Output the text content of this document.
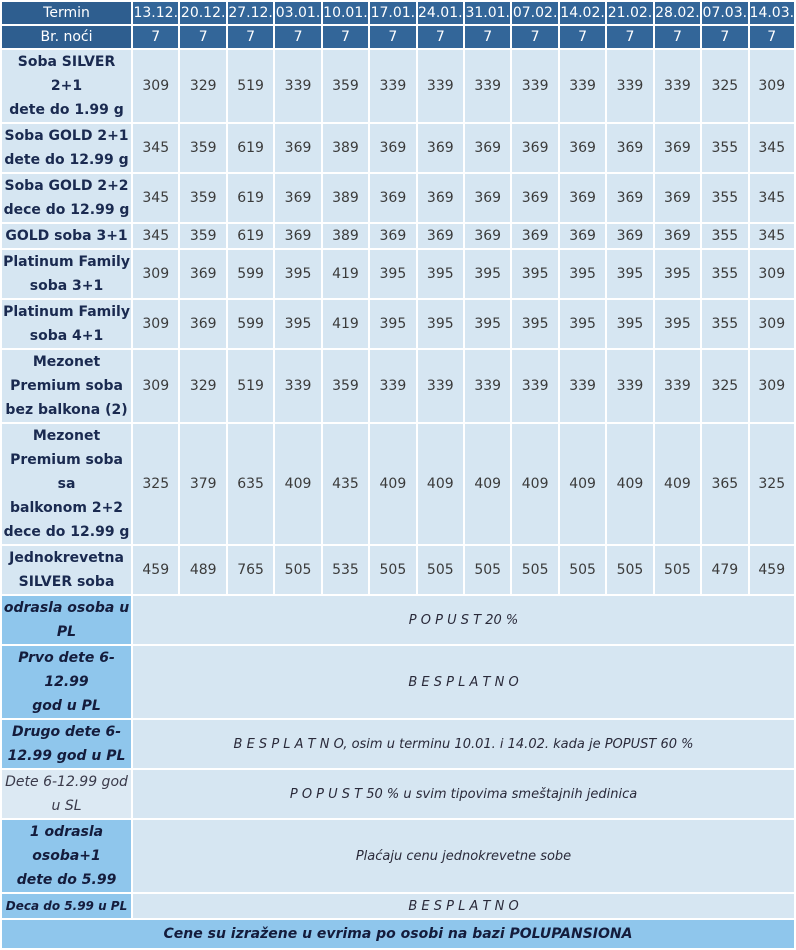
Termin	13.12.	20.12.	27.12.	03.01.	10.01.	17.01.	24.01.	31.01.	07.02.	14.02.	21.02.	28.02.	07.03.	14.03.
Br. noći	7	7	7	7	7	7	7	7	7	7	7	7	7	7

Soba SILVER 2+1
dete do 1.99 g	309	329	519	339	359	339	339	339	339	339	339	339	325	309

Soba GOLD 2+1
dete do 12.99 g	345	359	619	369	389	369	369	369	369	369	369	369	355	345

Soba GOLD 2+2
dece do 12.99 g	345	359	619	369	389	369	369	369	369	369	369	369	355	345

GOLD soba 3+1	345	359	619	369	389	369	369	369	369	369	369	369	355	345

Platinum Family
soba 3+1	309	369	599	395	419	395	395	395	395	395	395	395	355	309

Platinum Family
soba 4+1	309	369	599	395	419	395	395	395	395	395	395	395	355	309

Mezonet
Premium soba
bez balkona (2)	309	329	519	339	359	339	339	339	339	339	339	339	325	309

Mezonet
Premium soba sa
balkonom 2+2
dece do 12.99 g	325	379	635	409	435	409	409	409	409	409	409	409	365	325

Jednokrevetna
SILVER soba	459	489	765	505	535	505	505	505	505	505	505	505	479	459

odrasla osoba u PL	P O P U S T 20 %													

Prvo dete 6-12.99
god u PL	B E S P L A T N O													

Drugo dete 6-
12.99 god u PL	B E S P L A T N O, osim u terminu 10.01. i 14.02. kada je POPUST 60 %													

Dete 6-12.99 god
u SL	P O P U S T 50 % u svim tipovima smeštajnih jedinica													

1 odrasla osoba+1
dete do 5.99	Plaćaju cenu jednokrevetne sobe													

Deca do 5.99 u PL	B E S P L A T N O													
Cene su izražene u evrima po osobi na bazi POLUPANSIONA														
